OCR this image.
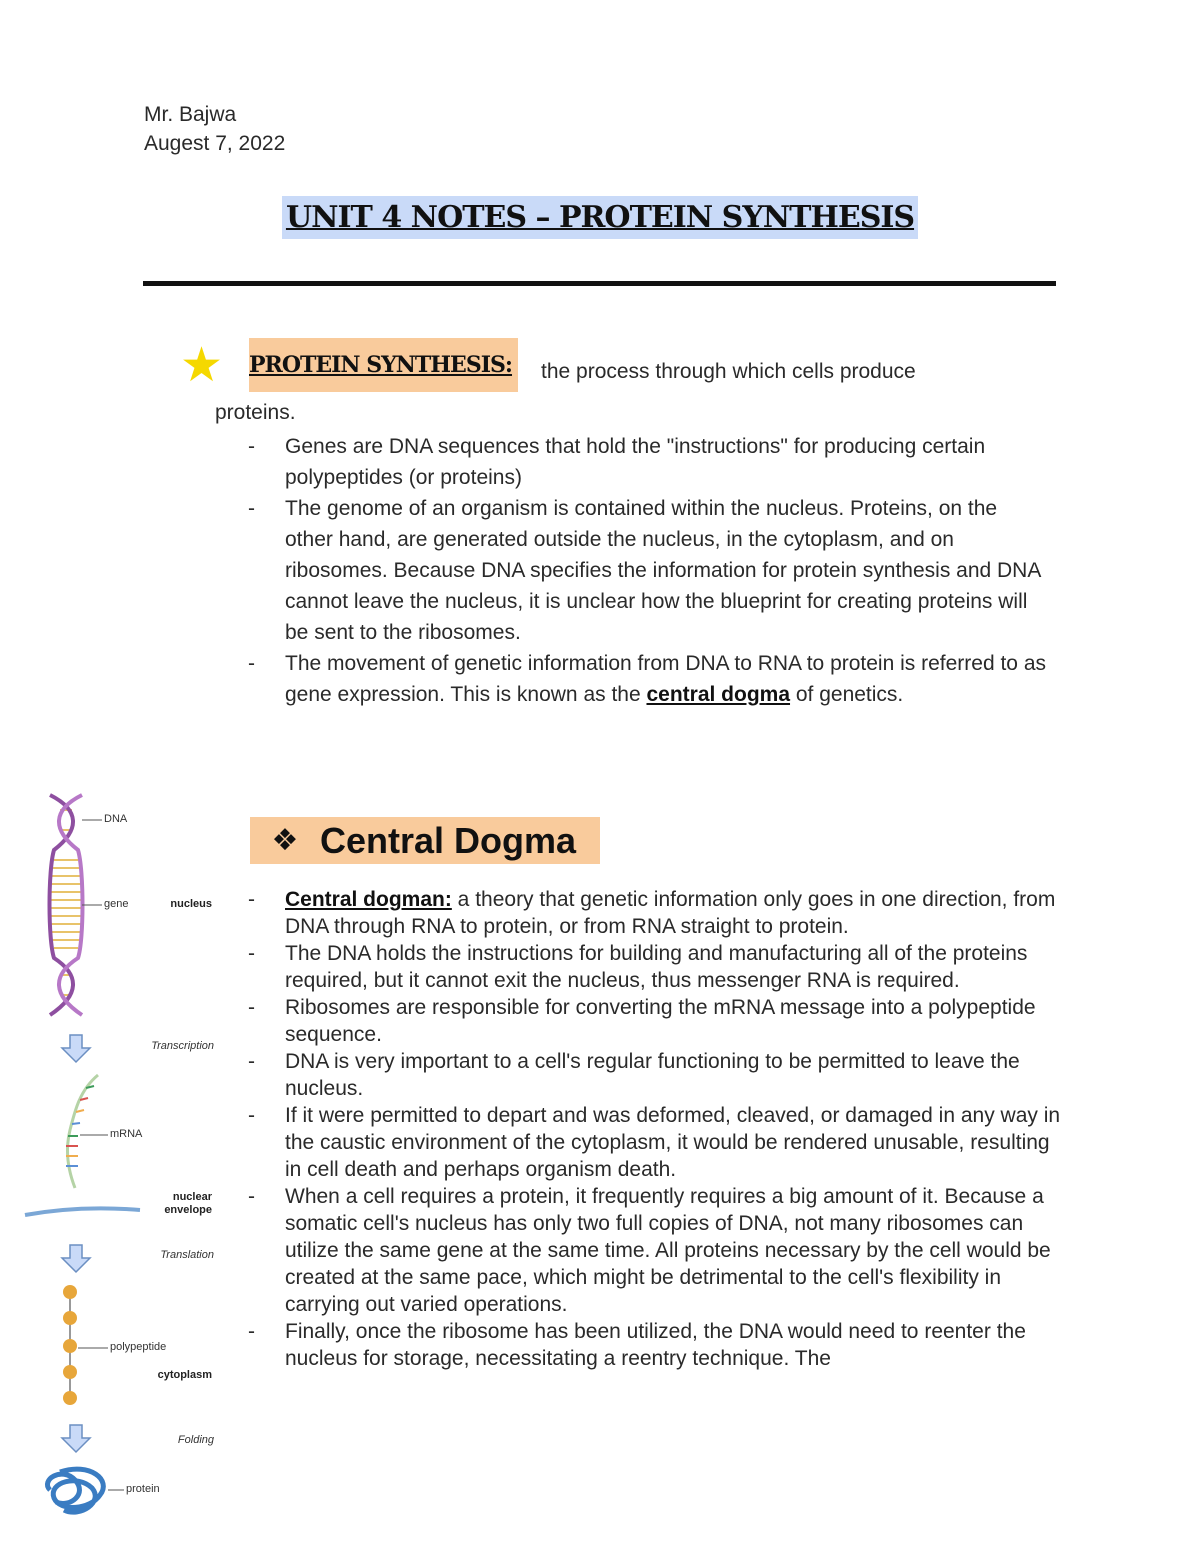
Mr. Bajwa
Augest 7, 2022
UNIT 4 NOTES – PROTEIN SYNTHESIS
★ PROTEIN SYNTHESIS: the process through which cells produce
proteins.
- Genes are DNA sequences that hold the "instructions" for producing certain polypeptides (or proteins)
- The genome of an organism is contained within the nucleus. Proteins, on the other hand, are generated outside the nucleus, in the cytoplasm, and on ribosomes. Because DNA specifies the information for protein synthesis and DNA cannot leave the nucleus, it is unclear how the blueprint for creating proteins will be sent to the ribosomes.
- The movement of genetic information from DNA to RNA to protein is referred to as gene expression. This is known as the central dogma of genetics.
❖ Central Dogma
- Central dogman: a theory that genetic information only goes in one direction, from DNA through RNA to protein, or from RNA straight to protein.
- The DNA holds the instructions for building and manufacturing all of the proteins required, but it cannot exit the nucleus, thus messenger RNA is required.
- Ribosomes are responsible for converting the mRNA message into a polypeptide sequence.
- DNA is very important to a cell's regular functioning to be permitted to leave the nucleus.
- If it were permitted to depart and was deformed, cleaved, or damaged in any way in the caustic environment of the cytoplasm, it would be rendered unusable, resulting in cell death and perhaps organism death.
- When a cell requires a protein, it frequently requires a big amount of it. Because a somatic cell's nucleus has only two full copies of DNA, not many ribosomes can utilize the same gene at the same time. All proteins necessary by the cell would be created at the same pace, which might be detrimental to the cell's flexibility in carrying out varied operations.
- Finally, once the ribosome has been utilized, the DNA would need to reenter the nucleus for storage, necessitating a reentry technique. The
DNA
gene	nucleus
Transcription
mRNA
nuclear
envelope
Translation
polypeptide
cytoplasm
Folding
protein
